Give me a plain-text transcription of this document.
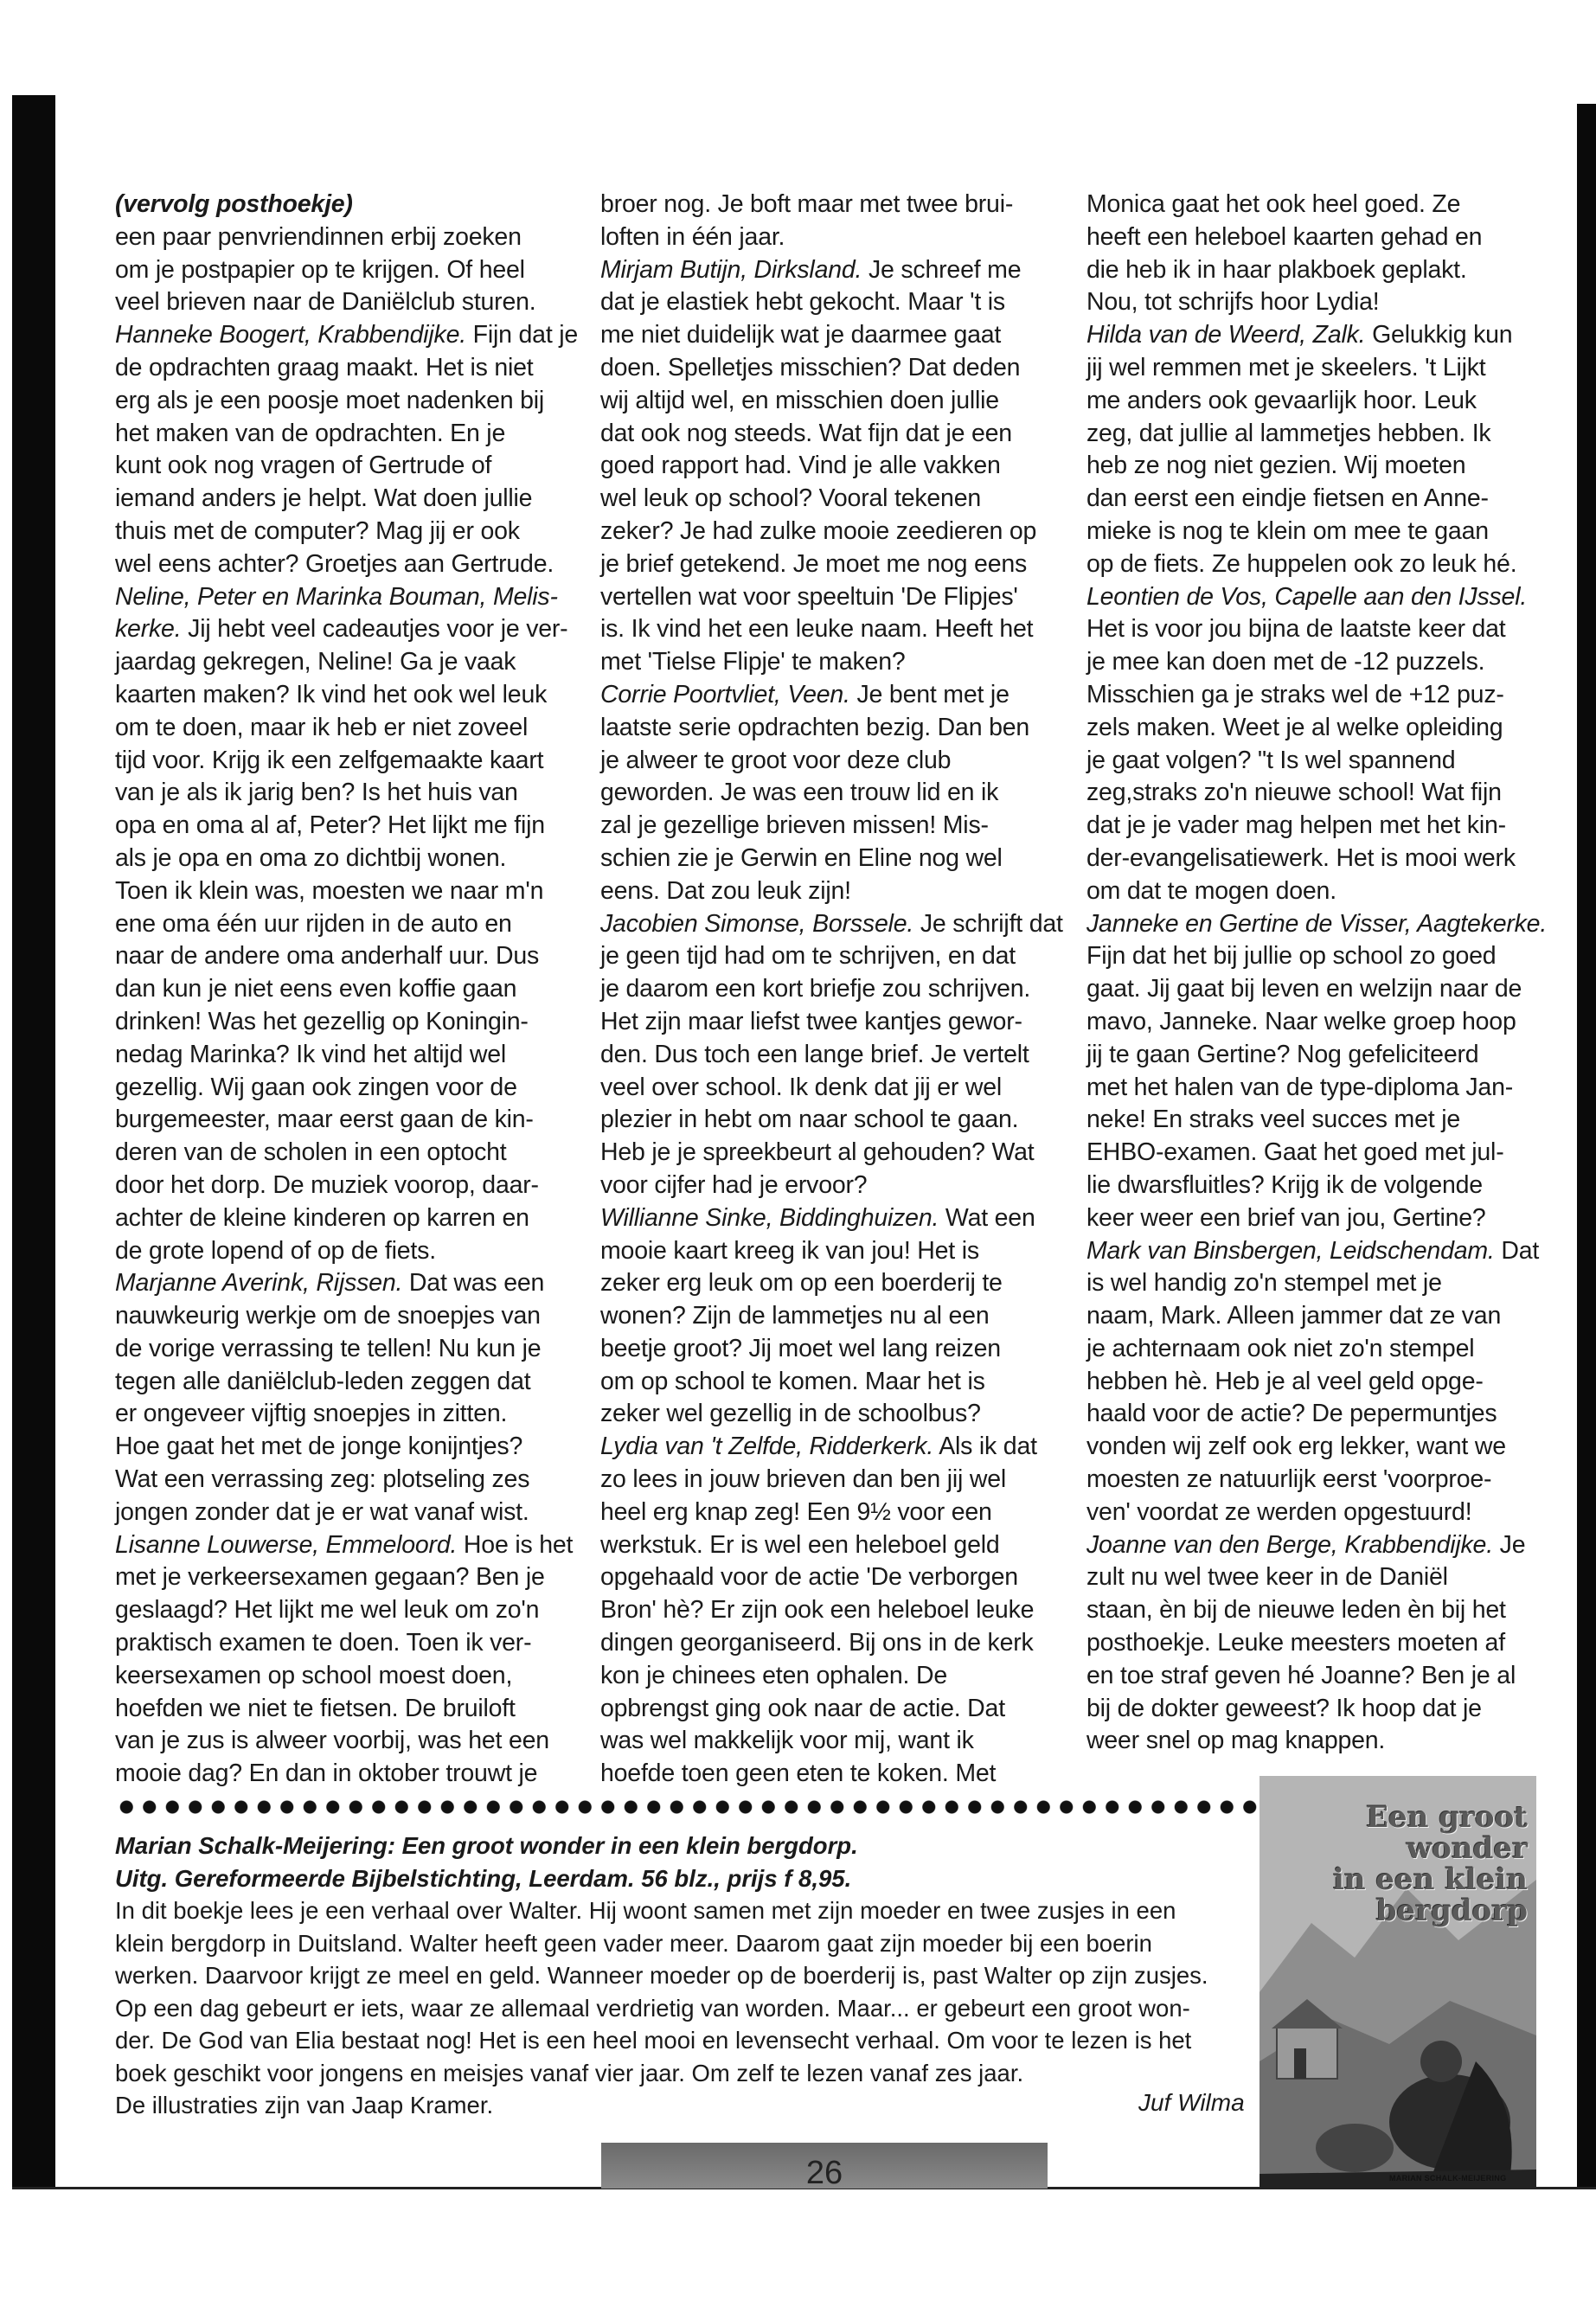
(vervolg posthoekje)
een paar penvriendinnen erbij zoeken
om je postpapier op te krijgen. Of heel
veel brieven naar de Daniëlclub sturen.
Hanneke Boogert, Krabbendijke. Fijn dat je
de opdrachten graag maakt. Het is niet
erg als je een poosje moet nadenken bij
het maken van de opdrachten. En je
kunt ook nog vragen of Gertrude of
iemand anders je helpt. Wat doen jullie
thuis met de computer? Mag jij er ook
wel eens achter? Groetjes aan Gertrude.
Neline, Peter en Marinka Bouman, Melis-
kerke. Jij hebt veel cadeautjes voor je ver-
jaardag gekregen, Neline! Ga je vaak
kaarten maken? Ik vind het ook wel leuk
om te doen, maar ik heb er niet zoveel
tijd voor. Krijg ik een zelfgemaakte kaart
van je als ik jarig ben? Is het huis van
opa en oma al af, Peter? Het lijkt me fijn
als je opa en oma zo dichtbij wonen.
Toen ik klein was, moesten we naar m'n
ene oma één uur rijden in de auto en
naar de andere oma anderhalf uur. Dus
dan kun je niet eens even koffie gaan
drinken! Was het gezellig op Koningin-
nedag Marinka? Ik vind het altijd wel
gezellig. Wij gaan ook zingen voor de
burgemeester, maar eerst gaan de kin-
deren van de scholen in een optocht
door het dorp. De muziek voorop, daar-
achter de kleine kinderen op karren en
de grote lopend of op de fiets.
Marjanne Averink, Rijssen. Dat was een
nauwkeurig werkje om de snoepjes van
de vorige verrassing te tellen! Nu kun je
tegen alle daniëlclub-leden zeggen dat
er ongeveer vijftig snoepjes in zitten.
Hoe gaat het met de jonge konijntjes?
Wat een verrassing zeg: plotseling zes
jongen zonder dat je er wat vanaf wist.
Lisanne Louwerse, Emmeloord. Hoe is het
met je verkeersexamen gegaan? Ben je
geslaagd? Het lijkt me wel leuk om zo'n
praktisch examen te doen. Toen ik ver-
keersexamen op school moest doen,
hoefden we niet te fietsen. De bruiloft
van je zus is alweer voorbij, was het een
mooie dag? En dan in oktober trouwt je
broer nog. Je boft maar met twee brui-
loften in één jaar.
Mirjam Butijn, Dirksland. Je schreef me
dat je elastiek hebt gekocht. Maar 't is
me niet duidelijk wat je daarmee gaat
doen. Spelletjes misschien? Dat deden
wij altijd wel, en misschien doen jullie
dat ook nog steeds. Wat fijn dat je een
goed rapport had. Vind je alle vakken
wel leuk op school? Vooral tekenen
zeker? Je had zulke mooie zeedieren op
je brief getekend. Je moet me nog eens
vertellen wat voor speeltuin 'De Flipjes'
is. Ik vind het een leuke naam. Heeft het
met 'Tielse Flipje' te maken?
Corrie Poortvliet, Veen. Je bent met je
laatste serie opdrachten bezig. Dan ben
je alweer te groot voor deze club
geworden. Je was een trouw lid en ik
zal je gezellige brieven missen! Mis-
schien zie je Gerwin en Eline nog wel
eens. Dat zou leuk zijn!
Jacobien Simonse, Borssele. Je schrijft dat
je geen tijd had om te schrijven, en dat
je daarom een kort briefje zou schrijven.
Het zijn maar liefst twee kantjes gewor-
den. Dus toch een lange brief. Je vertelt
veel over school. Ik denk dat jij er wel
plezier in hebt om naar school te gaan.
Heb je je spreekbeurt al gehouden? Wat
voor cijfer had je ervoor?
Willianne Sinke, Biddinghuizen. Wat een
mooie kaart kreeg ik van jou! Het is
zeker erg leuk om op een boerderij te
wonen? Zijn de lammetjes nu al een
beetje groot? Jij moet wel lang reizen
om op school te komen. Maar het is
zeker wel gezellig in de schoolbus?
Lydia van 't Zelfde, Ridderkerk. Als ik dat
zo lees in jouw brieven dan ben jij wel
heel erg knap zeg! Een 9½ voor een
werkstuk. Er is wel een heleboel geld
opgehaald voor de actie 'De verborgen
Bron' hè? Er zijn ook een heleboel leuke
dingen georganiseerd. Bij ons in de kerk
kon je chinees eten ophalen. De
opbrengst ging ook naar de actie. Dat
was wel makkelijk voor mij, want ik
hoefde toen geen eten te koken. Met
Monica gaat het ook heel goed. Ze
heeft een heleboel kaarten gehad en
die heb ik in haar plakboek geplakt.
Nou, tot schrijfs hoor Lydia!
Hilda van de Weerd, Zalk. Gelukkig kun
jij wel remmen met je skeelers. 't Lijkt
me anders ook gevaarlijk hoor. Leuk
zeg, dat jullie al lammetjes hebben. Ik
heb ze nog niet gezien. Wij moeten
dan eerst een eindje fietsen en Anne-
mieke is nog te klein om mee te gaan
op de fiets. Ze huppelen ook zo leuk hé.
Leontien de Vos, Capelle aan den IJssel.
Het is voor jou bijna de laatste keer dat
je mee kan doen met de -12 puzzels.
Misschien ga je straks wel de +12 puz-
zels maken. Weet je al welke opleiding
je gaat volgen? "t Is wel spannend
zeg,straks zo'n nieuwe school! Wat fijn
dat je je vader mag helpen met het kin-
der-evangelisatiewerk. Het is mooi werk
om dat te mogen doen.
Janneke en Gertine de Visser, Aagtekerke.
Fijn dat het bij jullie op school zo goed
gaat. Jij gaat bij leven en welzijn naar de
mavo, Janneke. Naar welke groep hoop
jij te gaan Gertine? Nog gefeliciteerd
met het halen van de type-diploma Jan-
neke! En straks veel succes met je
EHBO-examen. Gaat het goed met jul-
lie dwarsfluitles? Krijg ik de volgende
keer weer een brief van jou, Gertine?
Mark van Binsbergen, Leidschendam. Dat
is wel handig zo'n stempel met je
naam, Mark. Alleen jammer dat ze van
je achternaam ook niet zo'n stempel
hebben hè. Heb je al veel geld opge-
haald voor de actie? De pepermuntjes
vonden wij zelf ook erg lekker, want we
moesten ze natuurlijk eerst 'voorproe-
ven' voordat ze werden opgestuurd!
Joanne van den Berge, Krabbendijke. Je
zult nu wel twee keer in de Daniël
staan, èn bij de nieuwe leden èn bij het
posthoekje. Leuke meesters moeten af
en toe straf geven hé Joanne? Ben je al
bij de dokter geweest? Ik hoop dat je
weer snel op mag knappen.
Marian Schalk-Meijering: Een groot wonder in een klein bergdorp.
Uitg. Gereformeerde Bijbelstichting, Leerdam. 56 blz., prijs f 8,95.
In dit boekje lees je een verhaal over Walter. Hij woont samen met zijn moeder en twee zusjes in een
klein bergdorp in Duitsland. Walter heeft geen vader meer. Daarom gaat zijn moeder bij een boerin
werken. Daarvoor krijgt ze meel en geld. Wanneer moeder op de boerderij is, past Walter op zijn zusjes.
Op een dag gebeurt er iets, waar ze allemaal verdrietig van worden. Maar... er gebeurt een groot won-
der. De God van Elia bestaat nog! Het is een heel mooi en levensecht verhaal. Om voor te lezen is het
boek geschikt voor jongens en meisjes vanaf vier jaar. Om zelf te lezen vanaf zes jaar.
De illustraties zijn van Jaap Kramer.	Juf Wilma
26
Een groot
wonder
in een klein
bergdorp
MARIAN SCHALK-MEIJERING
